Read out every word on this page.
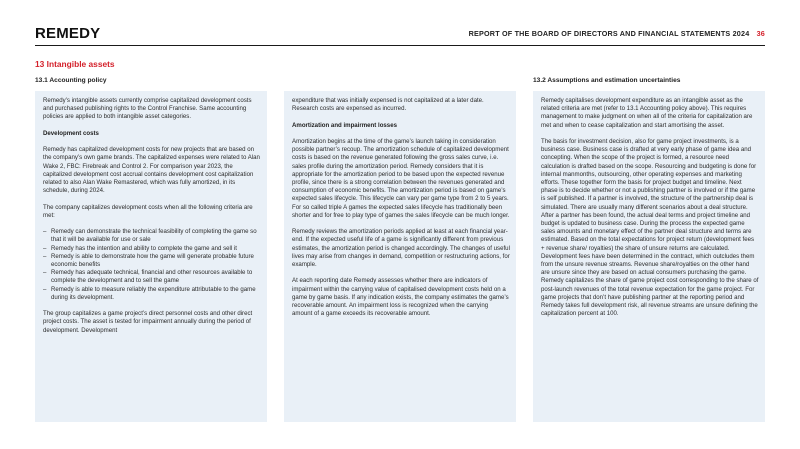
REMEDY	REPORT OF THE BOARD OF DIRECTORS AND FINANCIAL STATEMENTS 2024 36
13 Intangible assets
13.1 Accounting policy	13.2 Assumptions and estimation uncertainties

Remedy’s intangible assets currently comprise capitalized development costs and purchased publishing rights to the Control Franchise. Same accounting policies are applied to both intangible asset categories.

Development costs

Remedy has capitalized development costs for new projects that are based on the company’s own game brands. The capitalized expenses were related to Alan Wake 2, FBC: Firebreak and Control 2. For comparison year 2023, the capitalized development cost accrual contains development cost capitalization related to also Alan Wake Remastered, which was fully amortized, in its schedule, during 2024.

The company capitalizes development costs when all the following criteria are met:

– Remedy can demonstrate the technical feasibility of completing the game so that it will be available for use or sale
– Remedy has the intention and ability to complete the game and sell it
– Remedy is able to demonstrate how the game will generate probable future economic benefits
– Remedy has adequate technical, financial and other resources available to complete the development and to sell the game
– Remedy is able to measure reliably the expenditure attributable to the game during its development.

The group capitalizes a game project’s direct personnel costs and other direct project costs. The asset is tested for impairment annually during the period of development. Development

expenditure that was initially expensed is not capitalized at a later date. Research costs are expensed as incurred.

Amortization and impairment losses

Amortization begins at the time of the game’s launch taking in consideration possible partner’s recoup. The amortization schedule of capitalized development costs is based on the revenue generated following the gross sales curve, i.e. sales profile during the amortization period. Remedy considers that it is appropriate for the amortization period to be based upon the expected revenue profile, since there is a strong correlation between the revenues generated and consumption of economic benefits. The amortization period is based on game’s expected sales lifecycle. This lifecycle can vary per game type from 2 to 5 years. For so called triple A games the expected sales lifecycle has traditionally been shorter and for free to play type of games the sales lifecycle can be much longer.

Remedy reviews the amortization periods applied at least at each financial year-end. If the expected useful life of a game is significantly different from previous estimates, the amortization period is changed accordingly. The changes of useful lives may arise from changes in demand, competition or restructuring actions, for example.

At each reporting date Remedy assesses whether there are indicators of impairment within the carrying value of capitalised development costs held on a game by game basis. If any indication exists, the company estimates the game’s recoverable amount. An impairment loss is recognized when the carrying amount of a game exceeds its recoverable amount.

Remedy capitalises development expenditure as an intangible asset as the related criteria are met (refer to 13.1 Accounting policy above). This requires management to make judgment on when all of the criteria for capitalization are met and when to cease capitalization and start amortising the asset.

The basis for investment decision, also for game project investments, is a business case. Business case is drafted at very early phase of game idea and concepting. When the scope of the project is formed, a resource need calculation is drafted based on the scope. Resourcing and budgeting is done for internal manmonths, outsourcing, other operating expenses and marketing efforts. These together form the basis for project budget and timeline. Next phase is to decide whether or not a publishing partner is involved or if the game is self published. If a partner is involved, the structure of the partnership deal is simulated. There are usually many different scenarios about a deal structure. After a partner has been found, the actual deal terms and project timeline and budget is updated to business case. During the process the expected game sales amounts and monetary effect of the partner deal structure and terms are estimated. Based on the total expectations for project return (development fees + revenue share/ royalties) the share of unsure returns are calculated. Development fees have been determined in the contract, which outcludes them from the unsure revenue streams. Revenue share/royalties on the other hand are unsure since they are based on actual consumers purchasing the game. Remedy capitalizes the share of game project cost corresponding to the share of post-launch revenues of the total revenue expectation for the game project. For game projects that don’t have publishing partner at the reporting period and Remedy takes full development risk, all revenue streams are unsure defining the capitalization percent at 100.
